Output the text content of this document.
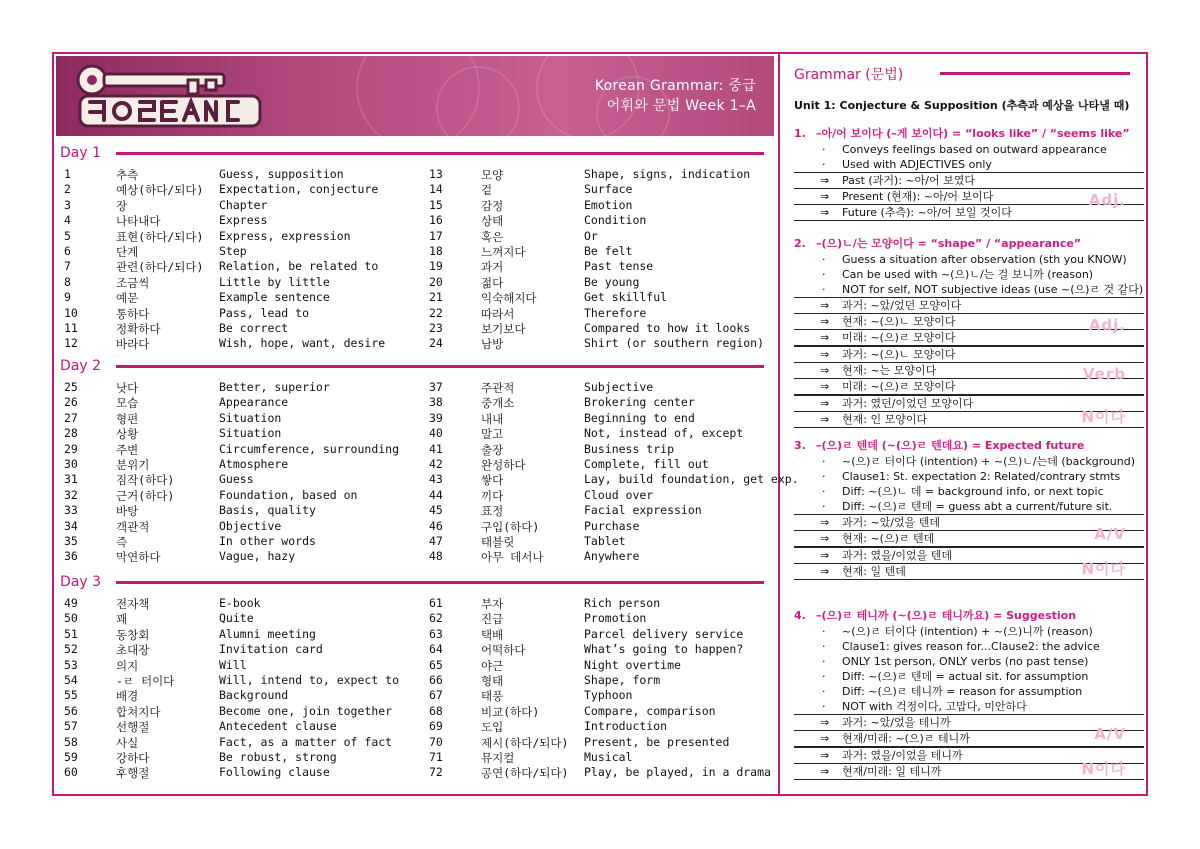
Korean Grammar: 중급
어휘와 문법 Week 1–A
Day 1
1	추측	Guess, supposition
2	예상(하다/되다) Expectation, conjecture
3	장	Chapter
4	나타내다	Express
5	표현(하다/되다) Express, expression
6	단계	Step
7	관련(하다/되다) Relation, be related to
8	조금씩	Little by little
9	예문	Example sentence
10	통하다	Pass, lead to
11	정확하다	Be correct
12	바라다	Wish, hope, want, desire
13	모양	Shape, signs, indication
14	겉	Surface
15	감정	Emotion
16	상태	Condition
17	혹은	Or
18	느껴지다	Be felt
19	과거	Past tense
20	젊다	Be young
21	익숙해지다	Get skillful
22	따라서	Therefore
23	보기보다	Compared to how it looks
24	남방	Shirt (or southern region)
Day 2
25	낫다	Better, superior
26	모습	Appearance
27	형편	Situation
28	상황	Situation
29	주변	Circumference, surrounding
30	분위기	Atmosphere
31	짐작(하다)	Guess
32	근거(하다)	Foundation, based on
33	바탕	Basis, quality
34	객관적	Objective
35	즉	In other words
36	막연하다	Vague, hazy
37	주관적	Subjective
38	중개소	Brokering center
39	내내	Beginning to end
40	말고	Not, instead of, except
41	출장	Business trip
42	완성하다	Complete, fill out
43	쌓다	Lay, build foundation, get exp.
44	끼다	Cloud over
45	표정	Facial expression
46	구입(하다)	Purchase
47	태블릿	Tablet
48	아무 데서나	Anywhere
Day 3
49	전자책	E-book
50	꽤	Quite
51	동창회	Alumni meeting
52	초대장	Invitation card
53	의지	Will
54	-ㄹ 터이다	Will, intend to, expect to
55	배경	Background
56	합쳐지다	Become one, join together
57	선행절	Antecedent clause
58	사실	Fact, as a matter of fact
59	강하다	Be robust, strong
60	후행절	Following clause
61	부자	Rich person
62	진급	Promotion
63	택배	Parcel delivery service
64	어떡하다	What’s going to happen?
65	야근	Night overtime
66	형태	Shape, form
67	태풍	Typhoon
68	비교(하다)	Compare, comparison
69	도입	Introduction
70	제시(하다/되다) Present, be presented
71	뮤지컬	Musical
72	공연(하다/되다) Play, be played, in a drama
Grammar (문법)
Unit 1: Conjecture & Supposition (추측과 예상을 나타낼 때)
1. –아/어 보이다 (–게 보이다) = “looks like” / “seems like”
· Conveys feelings based on outward appearance
· Used with ADJECTIVES only
⇒ Past (과거): ~아/어 보였다
⇒ Present (현재): ~아/어 보이다
⇒ Future (추측): ~아/어 보일 것이다
Adj.
2. –(으)ㄴ/는 모양이다 = “shape” / “appearance”
· Guess a situation after observation (sth you KNOW)
· Can be used with ~(으)ㄴ/는 걸 보니까 (reason)
· NOT for self, NOT subjective ideas (use ~(으)ㄹ 것 같다)
⇒ 과거: ~았/었던 모양이다
⇒ 현재: ~(으)ㄴ 모양이다
⇒ 미래: ~(으)ㄹ 모양이다
Adj.
⇒ 과거: ~(으)ㄴ 모양이다
⇒ 현재: ~는 모양이다
⇒ 미래: ~(으)ㄹ 모양이다
Verb
⇒ 과거: 였던/이었던 모양이다
⇒ 현재: 인 모양이다	N이다
3. –(으)ㄹ 텐데 (~(으)ㄹ 텐데요) = Expected future
· ~(으)ㄹ 터이다 (intention) + ~(으)ㄴ/는데 (background)
· Clause1: St. expectation 2: Related/contrary stmts
· Diff: ~(으)ㄴ 데 = background info, or next topic
· Diff: ~(으)ㄹ 텐데 = guess abt a current/future sit.
⇒ 과거: ~았/었을 텐데
⇒ 현재: ~(으)ㄹ 텐데	A/V
⇒ 과거: 였을/이었을 텐데
⇒ 현재: 일 텐데	N이다
4. –(으)ㄹ 테니까 (~(으)ㄹ 테니까요) = Suggestion
· ~(으)ㄹ 터이다 (intention) + ~(으)니까 (reason)
· Clause1: gives reason for...Clause2: the advice
· ONLY 1st person, ONLY verbs (no past tense)
· Diff: ~(으)ㄹ 텐데 = actual sit. for assumption
· Diff: ~(으)ㄹ 테니까 = reason for assumption
· NOT with 걱정이다, 고맙다, 미안하다
⇒ 과거: ~았/었을 테니까
⇒ 현재/미래: ~(으)ㄹ 테니까	A/V
⇒ 과거: 였을/이었을 테니까
⇒ 현재/미래: 일 테니까	N이다
